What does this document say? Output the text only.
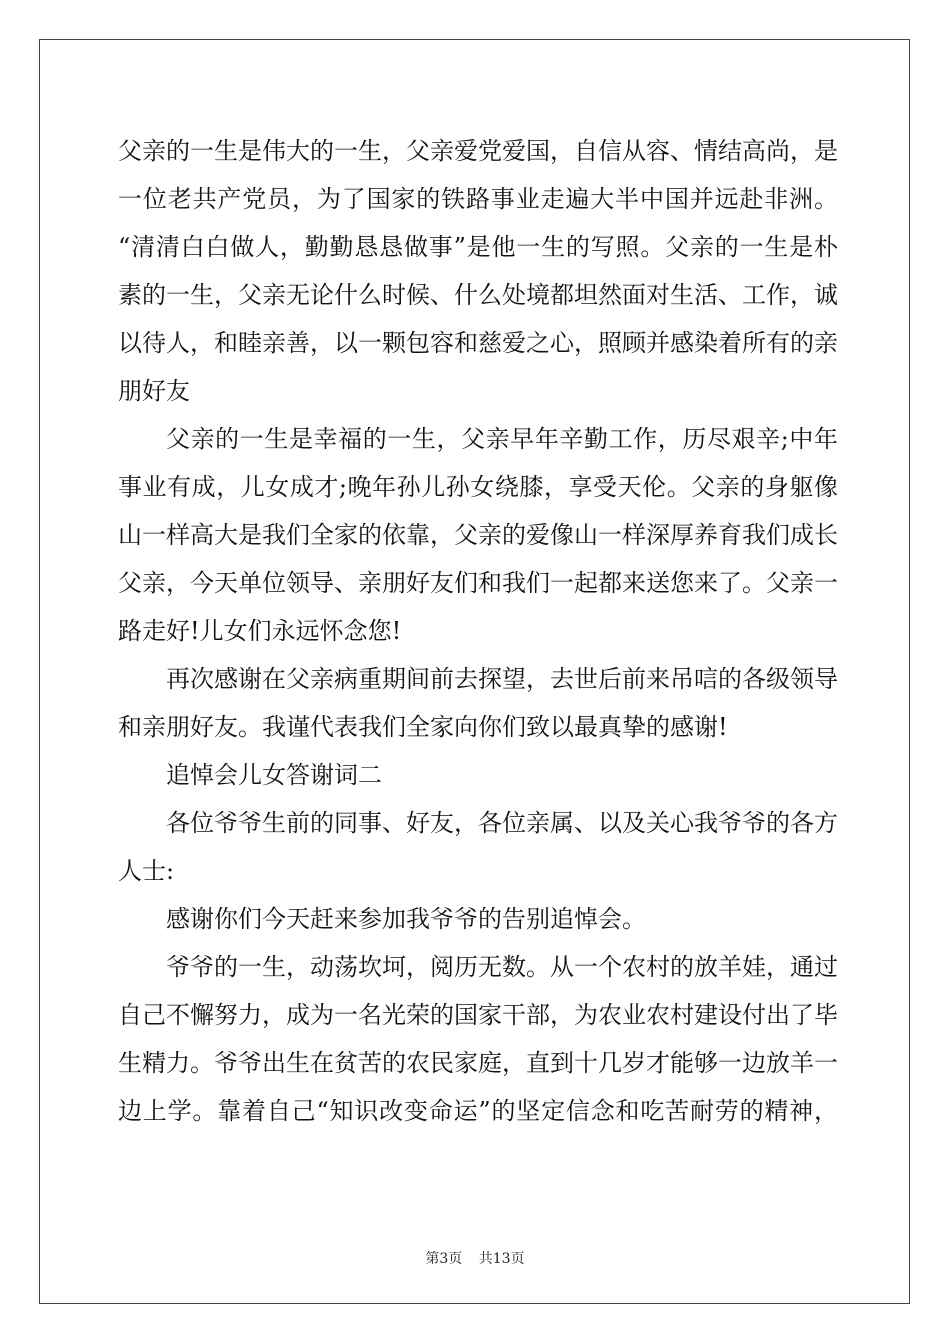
父亲的一生是伟大的一生，父亲爱党爱国，自信从容、情结高尚，是
一位老共产党员，为了国家的铁路事业走遍大半中国并远赴非洲。
“清清白白做人，勤勤恳恳做事”是他一生的写照。父亲的一生是朴
素的一生，父亲无论什么时候、什么处境都坦然面对生活、工作，诚
以待人，和睦亲善，以一颗包容和慈爱之心，照顾并感染着所有的亲
朋好友
父亲的一生是幸福的一生，父亲早年辛勤工作，历尽艰辛;中年
事业有成，儿女成才;晚年孙儿孙女绕膝，享受天伦。父亲的身躯像
山一样高大是我们全家的依靠，父亲的爱像山一样深厚养育我们成长
父亲，今天单位领导、亲朋好友们和我们一起都来送您来了。父亲一
路走好!儿女们永远怀念您!
再次感谢在父亲病重期间前去探望，去世后前来吊唁的各级领导
和亲朋好友。我谨代表我们全家向你们致以最真挚的感谢!
追悼会儿女答谢词二
各位爷爷生前的同事、好友，各位亲属、以及关心我爷爷的各方
人士:
感谢你们今天赶来参加我爷爷的告别追悼会。
爷爷的一生，动荡坎坷，阅历无数。从一个农村的放羊娃，通过
自己不懈努力，成为一名光荣的国家干部，为农业农村建设付出了毕
生精力。爷爷出生在贫苦的农民家庭，直到十几岁才能够一边放羊一
边上学。靠着自己“知识改变命运”的坚定信念和吃苦耐劳的精神，
第3页 共13页
